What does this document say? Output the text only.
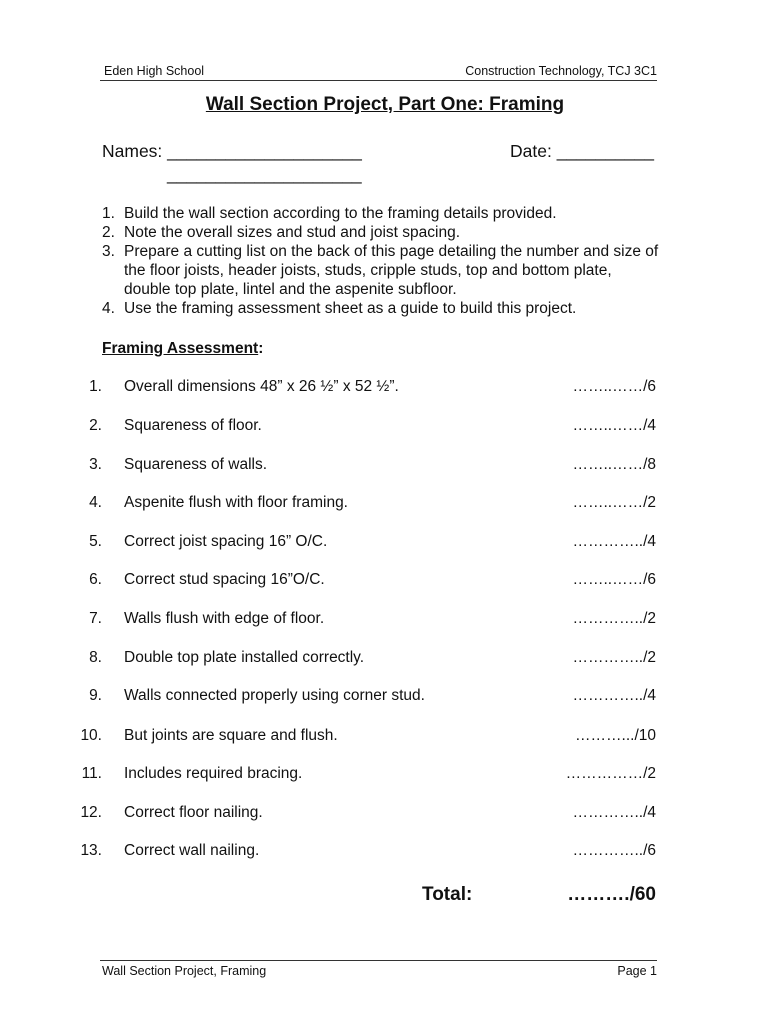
Eden High School	Construction Technology, TCJ 3C1
Wall Section Project, Part One: Framing
Names: ____________________
____________________
Date: __________
1. Build the wall section according to the framing details provided.
2. Note the overall sizes and stud and joist spacing.
3. Prepare a cutting list on the back of this page detailing the number and size of the floor joists, header joists, studs, cripple studs, top and bottom plate, double top plate, lintel and the aspenite subfloor.
4. Use the framing assessment sheet as a guide to build this project.
Framing Assessment:
1. Overall dimensions 48” x 26 ½” x 52 ½”.	……..……/6
2. Squareness of floor.	……..……/4
3. Squareness of walls.	……..……/8
4. Aspenite flush with floor framing.	……..……/2
5. Correct joist spacing 16” O/C.	…………../4
6. Correct stud spacing 16”O/C.	……..……/6
7. Walls flush with edge of floor.	…………../2
8. Double top plate installed correctly.	…………../2
9. Walls connected properly using corner stud.	…………../4
10. But joints are square and flush.	……….../10
11. Includes required bracing.	……………/2
12. Correct floor nailing.	…………../4
13. Correct wall nailing.	…………../6
Total:	………./60
Wall Section Project, Framing	Page 1
